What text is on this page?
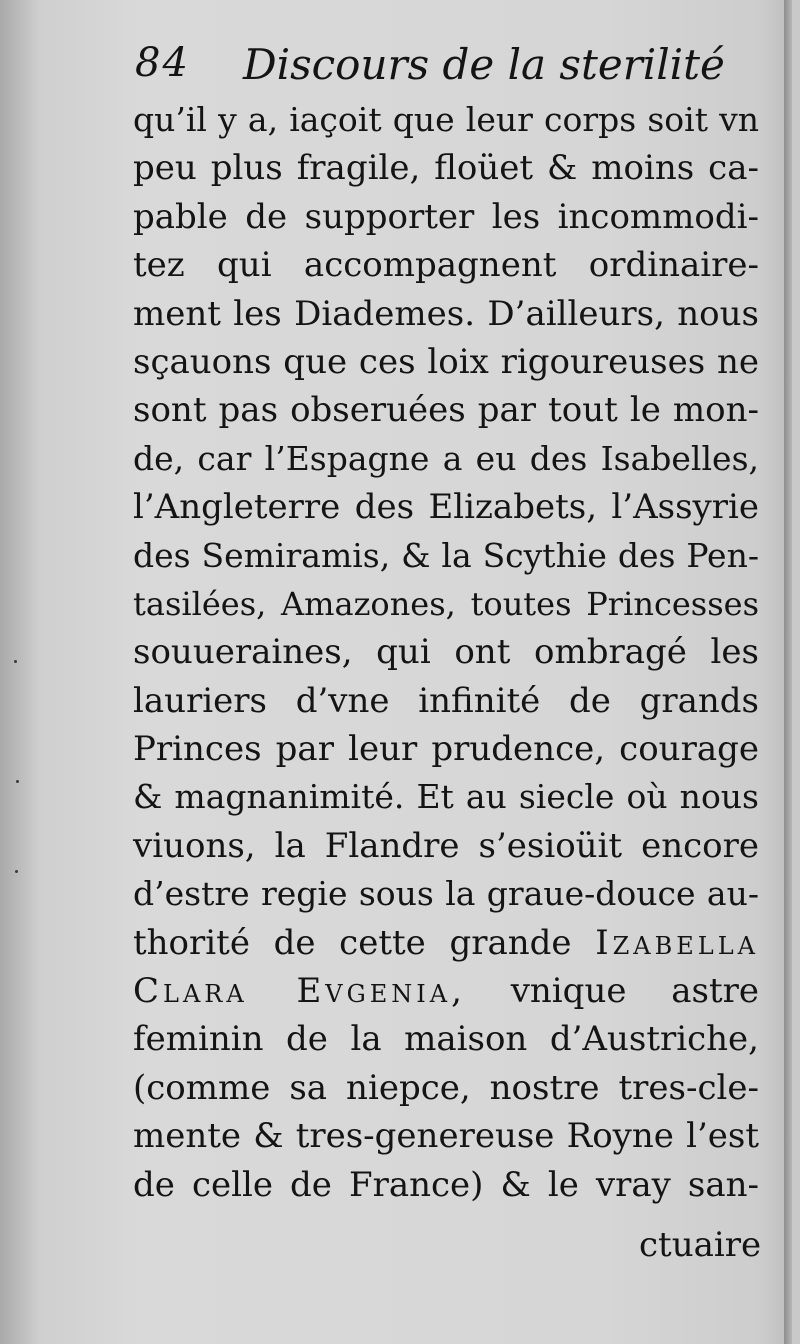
84 Discours de la sterilité
qu’il y a, iaçoit que leur corps soit vn
peu plus fragile, floüet & moins ca-
pable de supporter les incommodi-
tez qui accompagnent ordinaire-
ment les Diademes. D’ailleurs, nous
sçauons que ces loix rigoureuses ne
sont pas obseruées par tout le mon-
de, car l’Espagne a eu des Isabelles,
l’Angleterre des Elizabets, l’Assyrie
des Semiramis, & la Scythie des Pen-
tasilées, Amazones, toutes Princesses
souueraines, qui ont ombragé les
lauriers d’vne infinité de grands
Princes par leur prudence, courage
& magnanimité. Et au siecle où nous
viuons, la Flandre s’esioüit encore
d’estre regie sous la graue-douce au-
thorité de cette grande Izabella
Clara Evgenia, vnique astre
feminin de la maison d’Austriche,
(comme sa niepce, nostre tres-cle-
mente & tres-genereuse Royne l’est
de celle de France) & le vray san-
ctuaire
